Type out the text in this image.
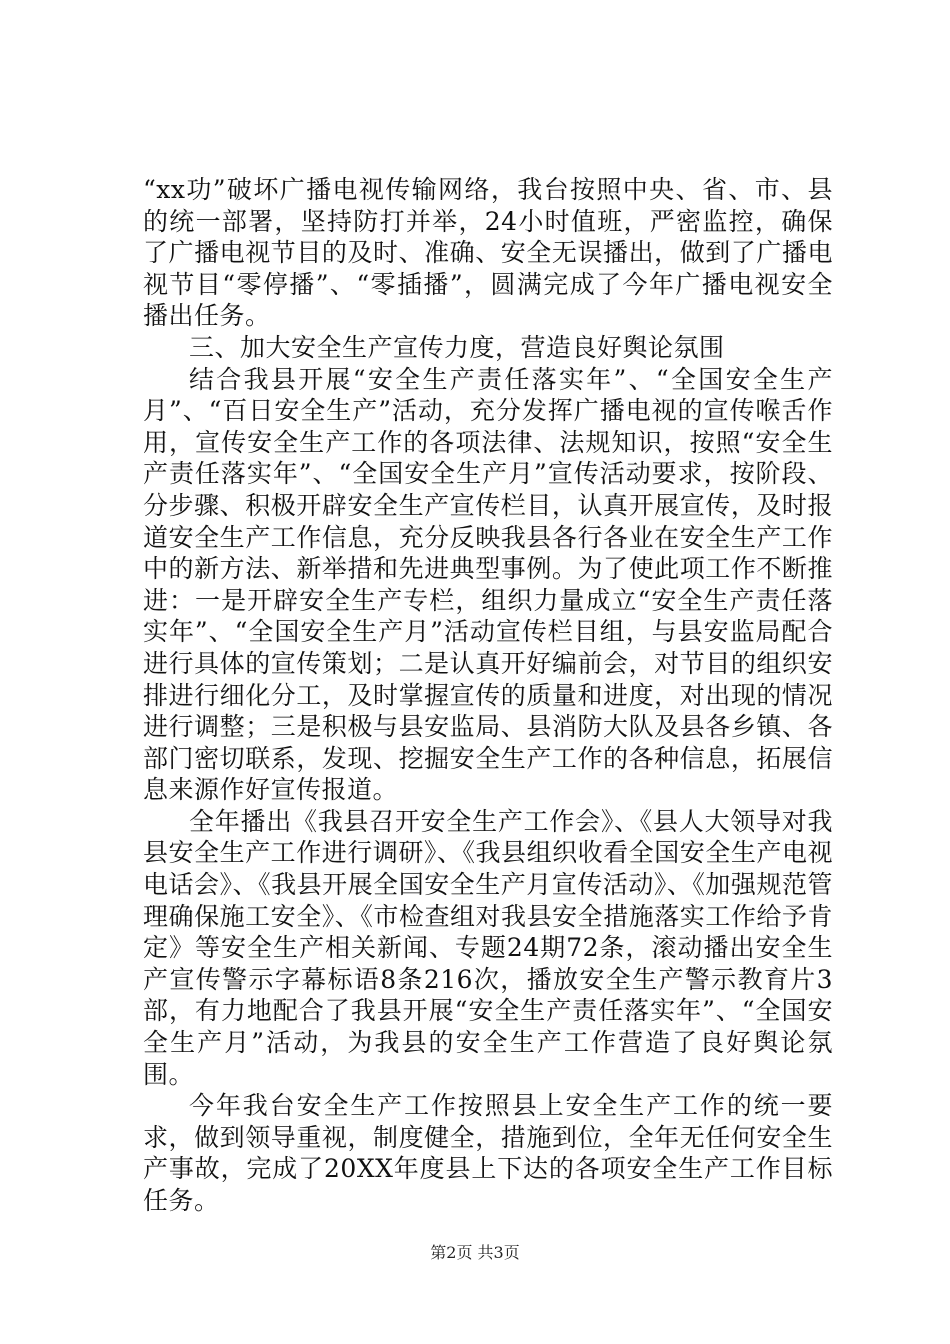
“xx功”破坏广播电视传输网络，我台按照中央、省、市、县的统一部署，坚持防打并举，24小时值班，严密监控，确保了广播电视节目的及时、准确、安全无误播出，做到了广播电视节目“零停播”、“零插播”，圆满完成了今年广播电视安全播出任务。

三、加大安全生产宣传力度，营造良好舆论氛围

结合我县开展“安全生产责任落实年”、“全国安全生产月”、“百日安全生产”活动，充分发挥广播电视的宣传喉舌作用，宣传安全生产工作的各项法律、法规知识，按照“安全生产责任落实年”、“全国安全生产月”宣传活动要求，按阶段、分步骤、积极开辟安全生产宣传栏目，认真开展宣传，及时报道安全生产工作信息，充分反映我县各行各业在安全生产工作中的新方法、新举措和先进典型事例。为了使此项工作不断推进：一是开辟安全生产专栏，组织力量成立“安全生产责任落实年”、“全国安全生产月”活动宣传栏目组，与县安监局配合进行具体的宣传策划；二是认真开好编前会，对节目的组织安排进行细化分工，及时掌握宣传的质量和进度，对出现的情况进行调整；三是积极与县安监局、县消防大队及县各乡镇、各部门密切联系，发现、挖掘安全生产工作的各种信息，拓展信息来源作好宣传报道。

全年播出《我县召开安全生产工作会》、《县人大领导对我县安全生产工作进行调研》、《我县组织收看全国安全生产电视电话会》、《我县开展全国安全生产月宣传活动》、《加强规范管理确保施工安全》、《市检查组对我县安全措施落实工作给予肯定》等安全生产相关新闻、专题24期72条，滚动播出安全生产宣传警示字幕标语8条216次，播放安全生产警示教育片3部，有力地配合了我县开展“安全生产责任落实年”、“全国安全生产月”活动，为我县的安全生产工作营造了良好舆论氛围。

今年我台安全生产工作按照县上安全生产工作的统一要求，做到领导重视，制度健全，措施到位，全年无任何安全生产事故，完成了20XX年度县上下达的各项安全生产工作目标任务。

第2页 共3页
